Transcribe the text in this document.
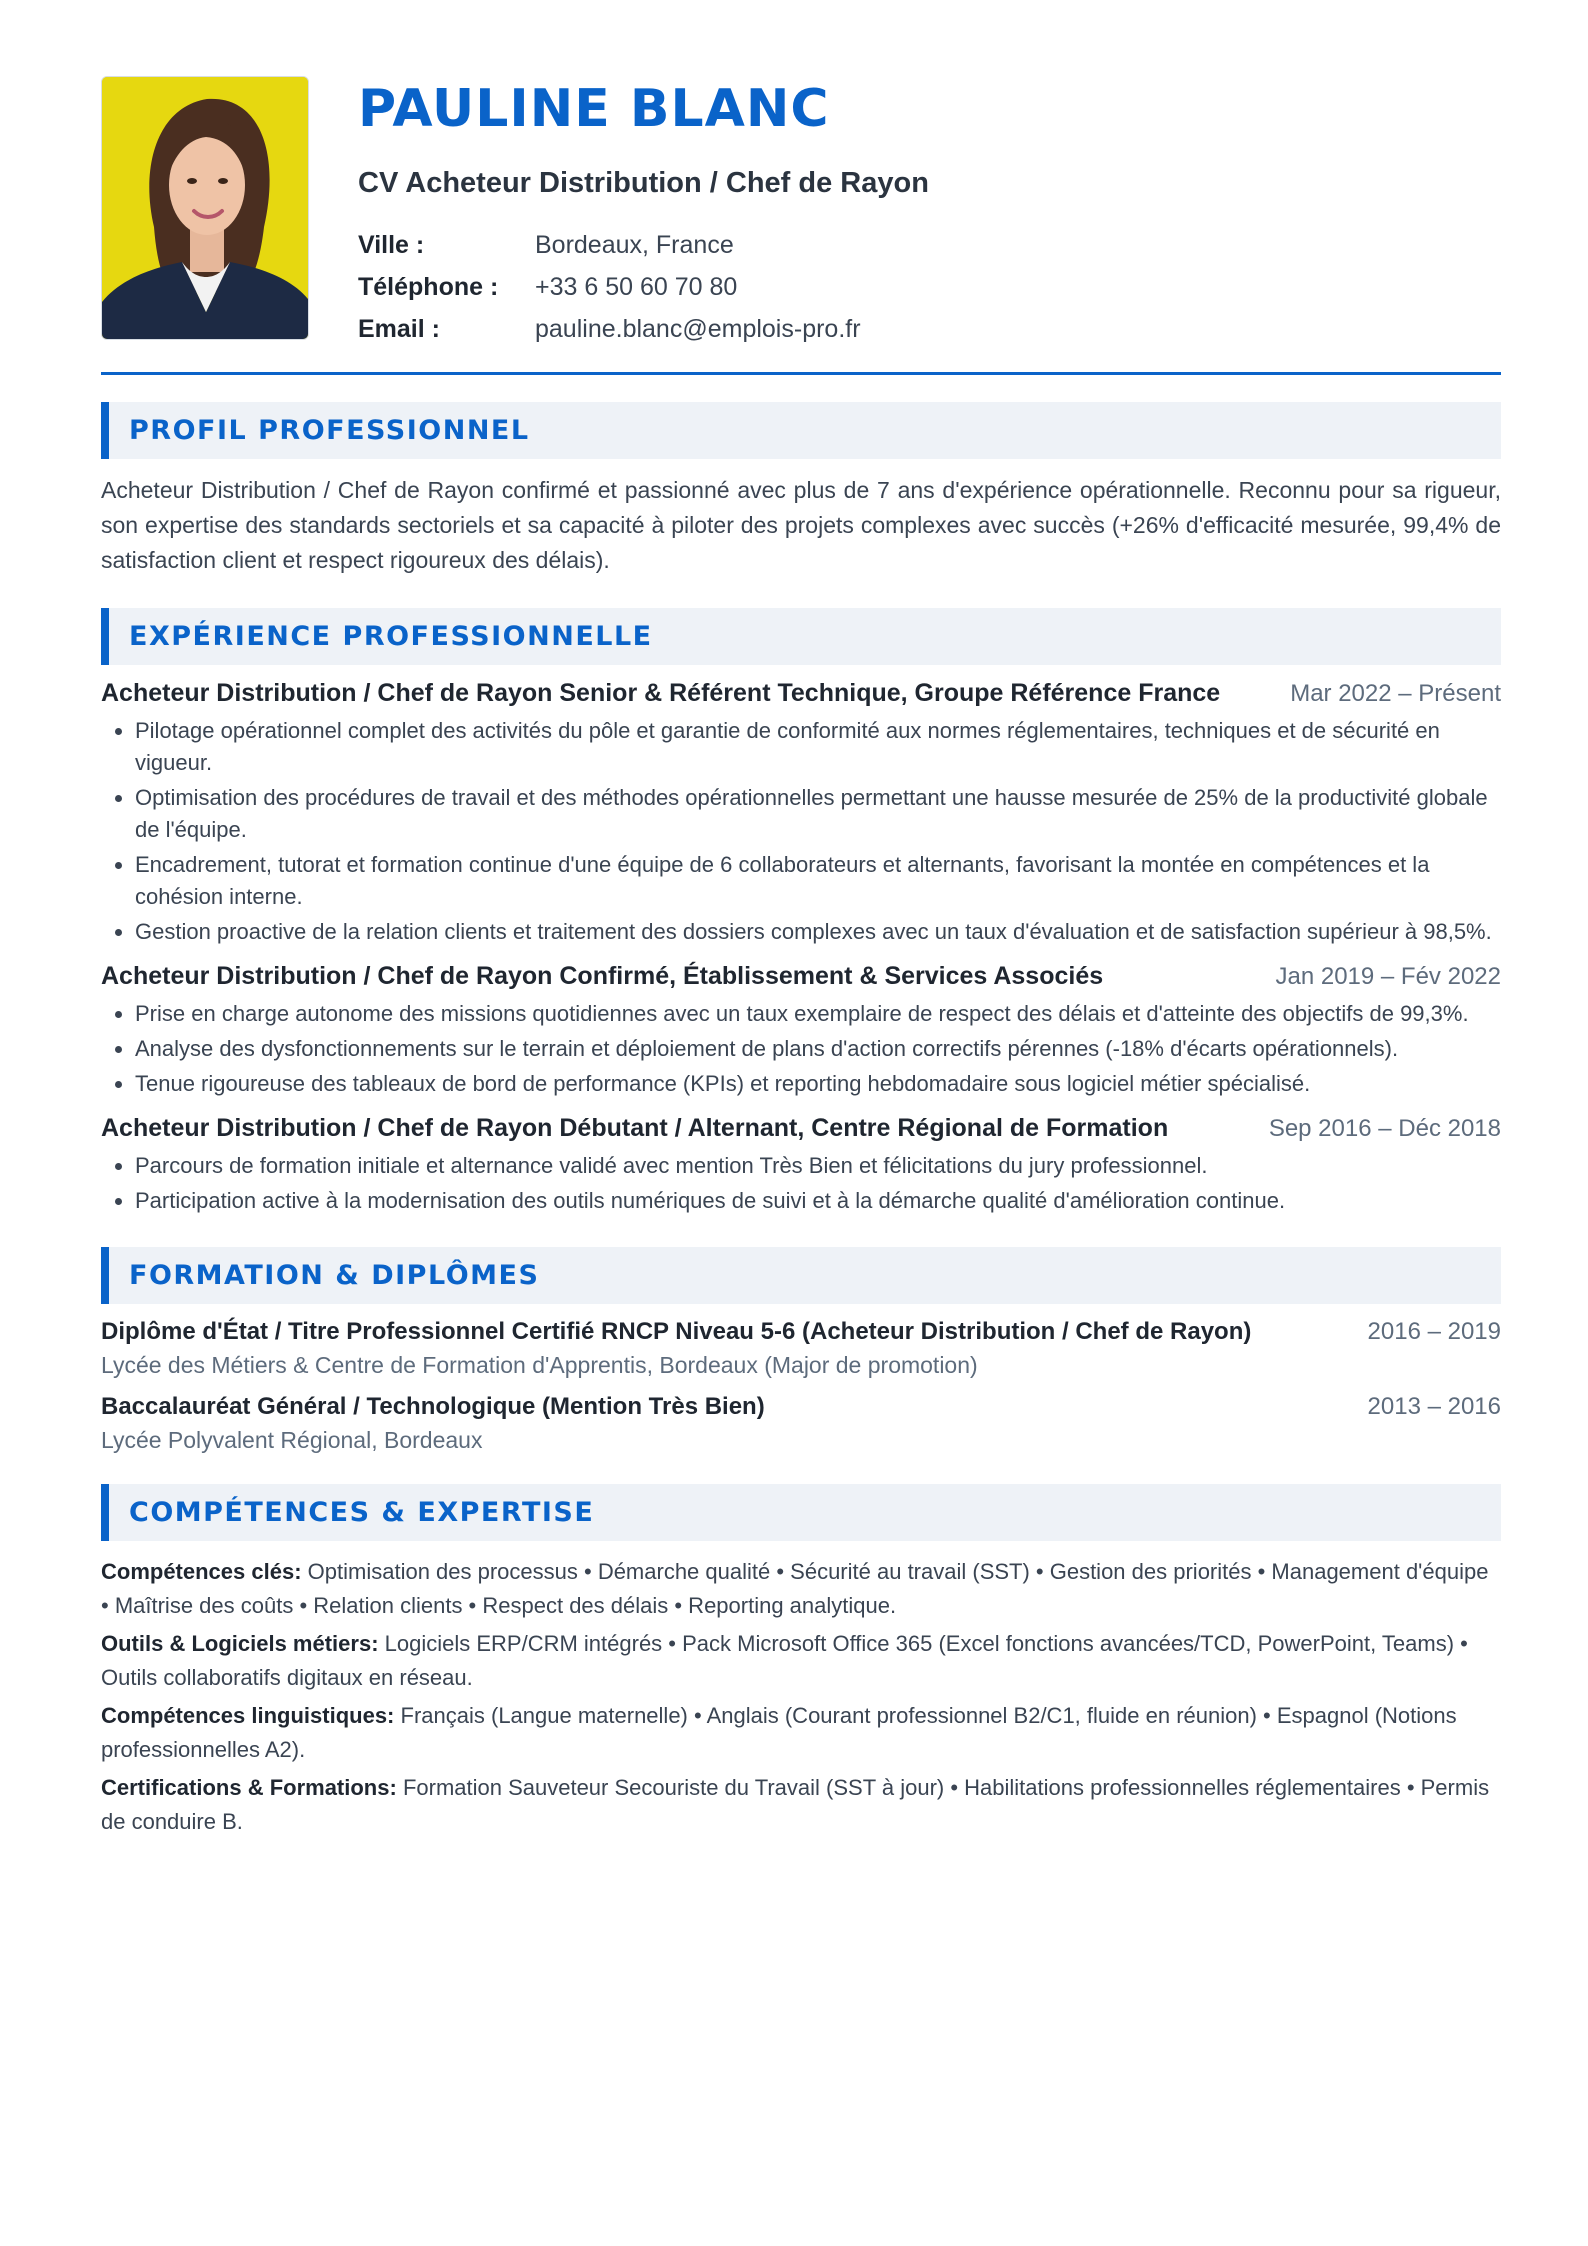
PAULINE BLANC
CV Acheteur Distribution / Chef de Rayon
Ville :	Bordeaux, France
Téléphone :	+33 6 50 60 70 80
Email :	pauline.blanc@emplois-pro.fr
PROFIL PROFESSIONNEL

Acheteur Distribution / Chef de Rayon confirmé et passionné avec plus de 7 ans d'expérience opérationnelle. Reconnu pour sa rigueur, son expertise des standards sectoriels et sa capacité à piloter des projets complexes avec succès (+26% d'efficacité mesurée, 99,4% de satisfaction client et respect rigoureux des délais).

EXPÉRIENCE PROFESSIONNELLE
Acheteur Distribution / Chef de Rayon Senior & Référent Technique, Groupe Référence France	Mar 2022 – Présent
• Pilotage opérationnel complet des activités du pôle et garantie de conformité aux normes réglementaires, techniques et de sécurité en vigueur.
• Optimisation des procédures de travail et des méthodes opérationnelles permettant une hausse mesurée de 25% de la productivité globale de l'équipe.
• Encadrement, tutorat et formation continue d'une équipe de 6 collaborateurs et alternants, favorisant la montée en compétences et la cohésion interne.
• Gestion proactive de la relation clients et traitement des dossiers complexes avec un taux d'évaluation et de satisfaction supérieur à 98,5%.
Acheteur Distribution / Chef de Rayon Confirmé, Établissement & Services Associés	Jan 2019 – Fév 2022
• Prise en charge autonome des missions quotidiennes avec un taux exemplaire de respect des délais et d'atteinte des objectifs de 99,3%.
• Analyse des dysfonctionnements sur le terrain et déploiement de plans d'action correctifs pérennes (-18% d'écarts opérationnels).
• Tenue rigoureuse des tableaux de bord de performance (KPIs) et reporting hebdomadaire sous logiciel métier spécialisé.
Acheteur Distribution / Chef de Rayon Débutant / Alternant, Centre Régional de Formation	Sep 2016 – Déc 2018
• Parcours de formation initiale et alternance validé avec mention Très Bien et félicitations du jury professionnel.
• Participation active à la modernisation des outils numériques de suivi et à la démarche qualité d'amélioration continue.
FORMATION & DIPLÔMES
Diplôme d'État / Titre Professionnel Certifié RNCP Niveau 5-6 (Acheteur Distribution / Chef de Rayon)	2016 – 2019
Lycée des Métiers & Centre de Formation d'Apprentis, Bordeaux (Major de promotion)
Baccalauréat Général / Technologique (Mention Très Bien)	2013 – 2016
Lycée Polyvalent Régional, Bordeaux
COMPÉTENCES & EXPERTISE
Compétences clés: Optimisation des processus • Démarche qualité • Sécurité au travail (SST) • Gestion des priorités • Management d'équipe • Maîtrise des coûts • Relation clients • Respect des délais • Reporting analytique.
Outils & Logiciels métiers: Logiciels ERP/CRM intégrés • Pack Microsoft Office 365 (Excel fonctions avancées/TCD, PowerPoint, Teams) • Outils collaboratifs digitaux en réseau.
Compétences linguistiques: Français (Langue maternelle) • Anglais (Courant professionnel B2/C1, fluide en réunion) • Espagnol (Notions professionnelles A2).
Certifications & Formations: Formation Sauveteur Secouriste du Travail (SST à jour) • Habilitations professionnelles réglementaires • Permis de conduire B.
